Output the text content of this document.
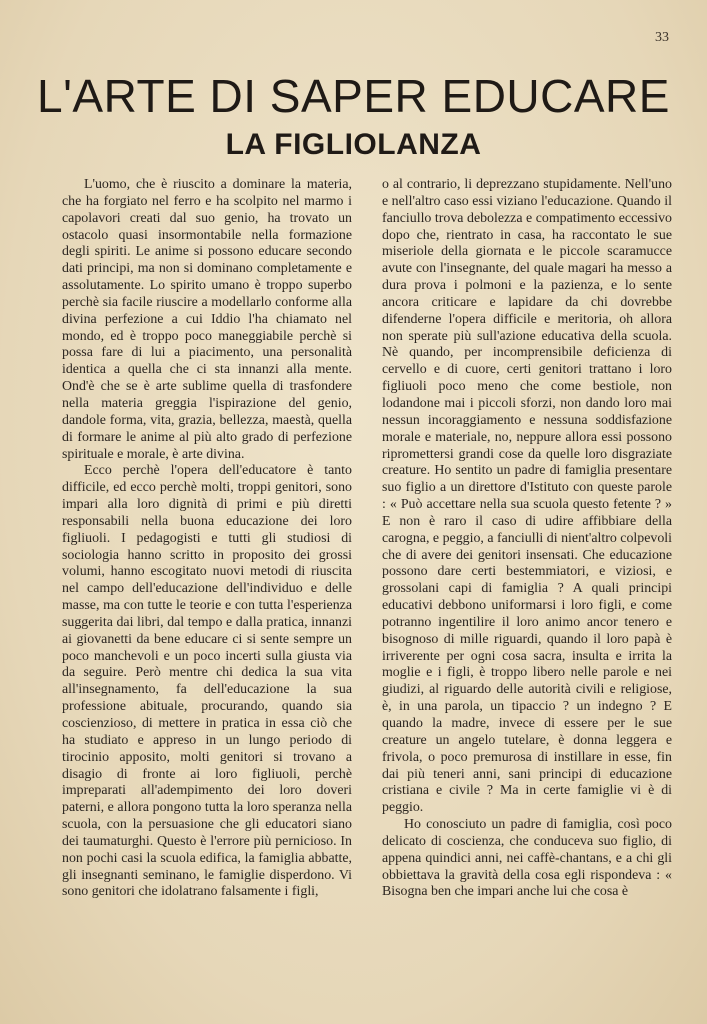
33
L'ARTE DI SAPER EDUCARE
LA FIGLIOLANZA

L'uomo, che è riuscito a dominare la materia, che ha forgiato nel ferro e ha scolpito nel marmo i capolavori creati dal suo genio, ha trovato un ostacolo quasi insormontabile nella formazione degli spiriti. Le anime si possono educare secondo dati principi, ma non si dominano completamente e assolutamente. Lo spirito umano è troppo superbo perchè sia facile riuscire a modellarlo conforme alla divina perfezione a cui Iddio l'ha chiamato nel mondo, ed è troppo poco maneggiabile perchè si possa fare di lui a piacimento, una personalità identica a quella che ci sta innanzi alla mente. Ond'è che se è arte sublime quella di trasfondere nella materia greggia l'ispirazione del genio, dandole forma, vita, grazia, bellezza, maestà, quella di formare le anime al più alto grado di perfezione spirituale e morale, è arte divina.

Ecco perchè l'opera dell'educatore è tanto difficile, ed ecco perchè molti, troppi genitori, sono impari alla loro dignità di primi e più diretti responsabili nella buona educazione dei loro figliuoli. I pedagogisti e tutti gli studiosi di sociologia hanno scritto in proposito dei grossi volumi, hanno escogitato nuovi metodi di riuscita nel campo dell'educazione dell'individuo e delle masse, ma con tutte le teorie e con tutta l'esperienza suggerita dai libri, dal tempo e dalla pratica, innanzi ai giovanetti da bene educare ci si sente sempre un poco manchevoli e un poco incerti sulla giusta via da seguire. Però mentre chi dedica la sua vita all'insegnamento, fa dell'educazione la sua professione abituale, procurando, quando sia coscienzioso, di mettere in pratica in essa ciò che ha studiato e appreso in un lungo periodo di tirocinio apposito, molti genitori si trovano a disagio di fronte ai loro figliuoli, perchè impreparati all'adempimento dei loro doveri paterni, e allora pongono tutta la loro speranza nella scuola, con la persuasione che gli educatori siano dei taumaturghi. Questo è l'errore più pernicioso. In non pochi casi la scuola edifica, la famiglia abbatte, gli insegnanti seminano, le famiglie disperdono. Vi sono genitori che idolatrano falsamente i figli,

o al contrario, li deprezzano stupidamente. Nell'uno e nell'altro caso essi viziano l'educazione. Quando il fanciullo trova debolezza e compatimento eccessivo dopo che, rientrato in casa, ha raccontato le sue miseriole della giornata e le piccole scaramucce avute con l'insegnante, del quale magari ha messo a dura prova i polmoni e la pazienza, e lo sente ancora criticare e lapidare da chi dovrebbe difenderne l'opera difficile e meritoria, oh allora non sperate più sull'azione educativa della scuola. Nè quando, per incomprensibile deficienza di cervello e di cuore, certi genitori trattano i loro figliuoli poco meno che come bestiole, non lodandone mai i piccoli sforzi, non dando loro mai nessun incoraggiamento e nessuna soddisfazione morale e materiale, no, neppure allora essi possono ripromettersi grandi cose da quelle loro disgraziate creature. Ho sentito un padre di famiglia presentare suo figlio a un direttore d'Istituto con queste parole : « Può accettare nella sua scuola questo fetente ? » E non è raro il caso di udire affibbiare della carogna, e peggio, a fanciulli di nient'altro colpevoli che di avere dei genitori insensati. Che educazione possono dare certi bestemmiatori, e viziosi, e grossolani capi di famiglia ? A quali principi educativi debbono uniformarsi i loro figli, e come potranno ingentilire il loro animo ancor tenero e bisognoso di mille riguardi, quando il loro papà è irriverente per ogni cosa sacra, insulta e irrita la moglie e i figli, è troppo libero nelle parole e nei giudizi, al riguardo delle autorità civili e religiose, è, in una parola, un tipaccio ? un indegno ? E quando la madre, invece di essere per le sue creature un angelo tutelare, è donna leggera e frivola, o poco premurosa di instillare in esse, fin dai più teneri anni, sani principi di educazione cristiana e civile ? Ma in certe famiglie vi è di peggio.

Ho conosciuto un padre di famiglia, così poco delicato di coscienza, che conduceva suo figlio, di appena quindici anni, nei caffè-chantans, e a chi gli obbiettava la gravità della cosa egli rispondeva : « Bisogna ben che impari anche lui che cosa è
